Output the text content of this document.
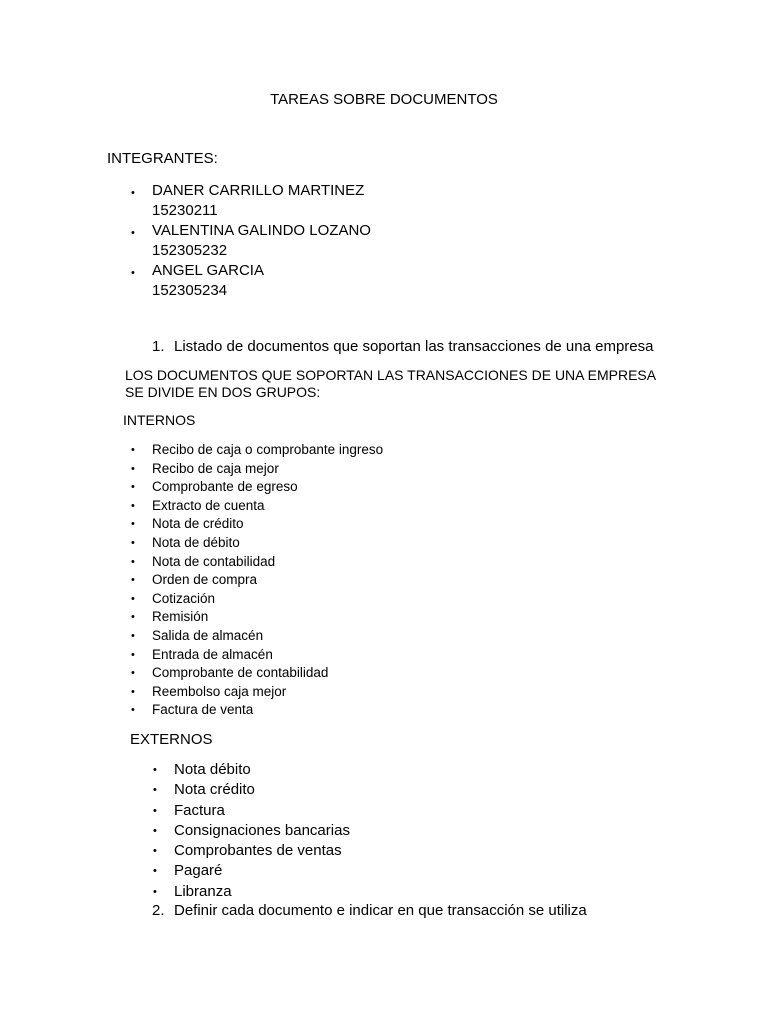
TAREAS SOBRE DOCUMENTOS
INTEGRANTES:
• DANER CARRILLO MARTINEZ
15230211
• VALENTINA GALINDO LOZANO
152305232
• ANGEL GARCIA
152305234
1. Listado de documentos que soportan las transacciones de una empresa
LOS DOCUMENTOS QUE SOPORTAN LAS TRANSACCIONES DE UNA EMPRESA
SE DIVIDE EN DOS GRUPOS:
INTERNOS
• Recibo de caja o comprobante ingreso
• Recibo de caja mejor
• Comprobante de egreso
• Extracto de cuenta
• Nota de crédito
• Nota de débito
• Nota de contabilidad
• Orden de compra
• Cotización
• Remisión
• Salida de almacén
• Entrada de almacén
• Comprobante de contabilidad
• Reembolso caja mejor
• Factura de venta
EXTERNOS
• Nota débito
• Nota crédito
• Factura
• Consignaciones bancarias
• Comprobantes de ventas
• Pagaré
• Libranza
2. Definir cada documento e indicar en que transacción se utiliza
